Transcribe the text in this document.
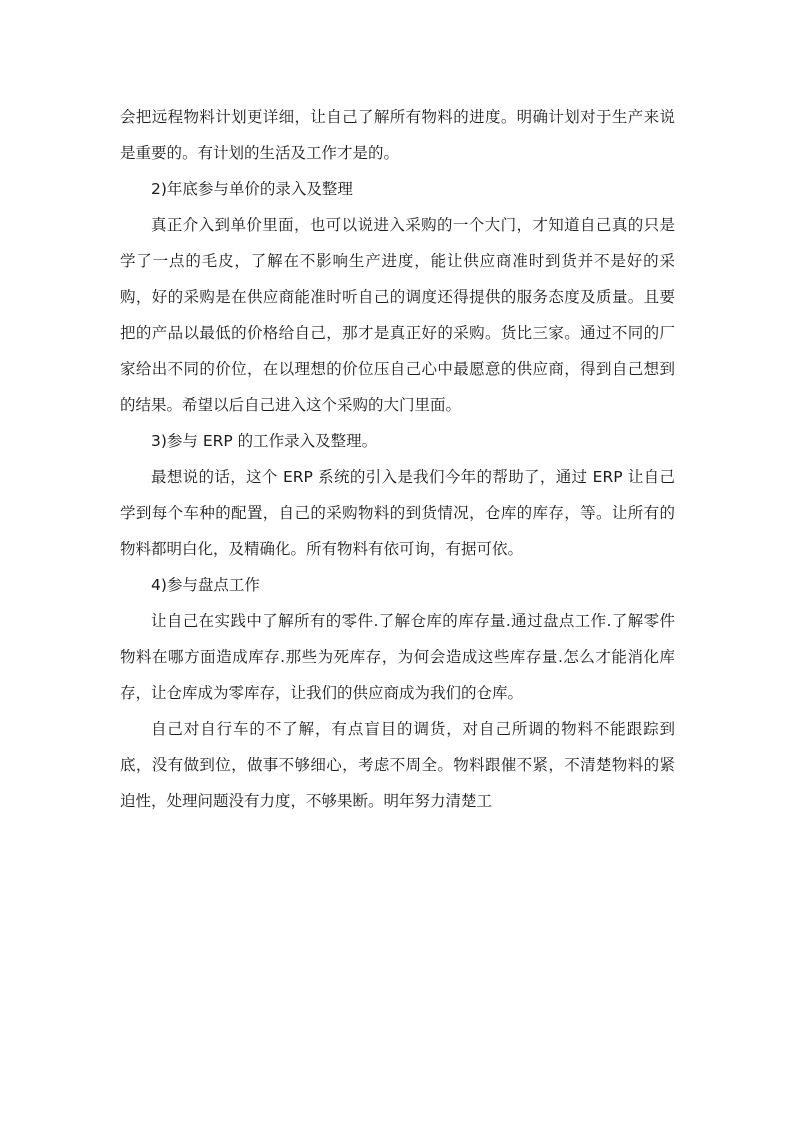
会把远程物料计划更详细，让自己了解所有物料的进度。明确计划对于生产来说是重要的。有计划的生活及工作才是的。

2)年底参与单价的录入及整理

真正介入到单价里面，也可以说进入采购的一个大门，才知道自己真的只是学了一点的毛皮，了解在不影响生产进度，能让供应商准时到货并不是好的采购，好的采购是在供应商能准时听自己的调度还得提供的服务态度及质量。且要把的产品以最低的价格给自己，那才是真正好的采购。货比三家。通过不同的厂家给出不同的价位，在以理想的价位压自己心中最愿意的供应商，得到自己想到的结果。希望以后自己进入这个采购的大门里面。

3)参与 ERP 的工作录入及整理。

最想说的话，这个 ERP 系统的引入是我们今年的帮助了，通过 ERP 让自己学到每个车种的配置，自己的采购物料的到货情况，仓库的库存，等。让所有的物料都明白化，及精确化。所有物料有依可询，有据可依。

4)参与盘点工作

让自己在实践中了解所有的零件.了解仓库的库存量.通过盘点工作.了解零件物料在哪方面造成库存.那些为死库存，为何会造成这些库存量.怎么才能消化库存，让仓库成为零库存，让我们的供应商成为我们的仓库。

自己对自行车的不了解，有点盲目的调货，对自己所调的物料不能跟踪到底，没有做到位，做事不够细心，考虑不周全。物料跟催不紧，不清楚物料的紧迫性，处理问题没有力度，不够果断。明年努力清楚工
